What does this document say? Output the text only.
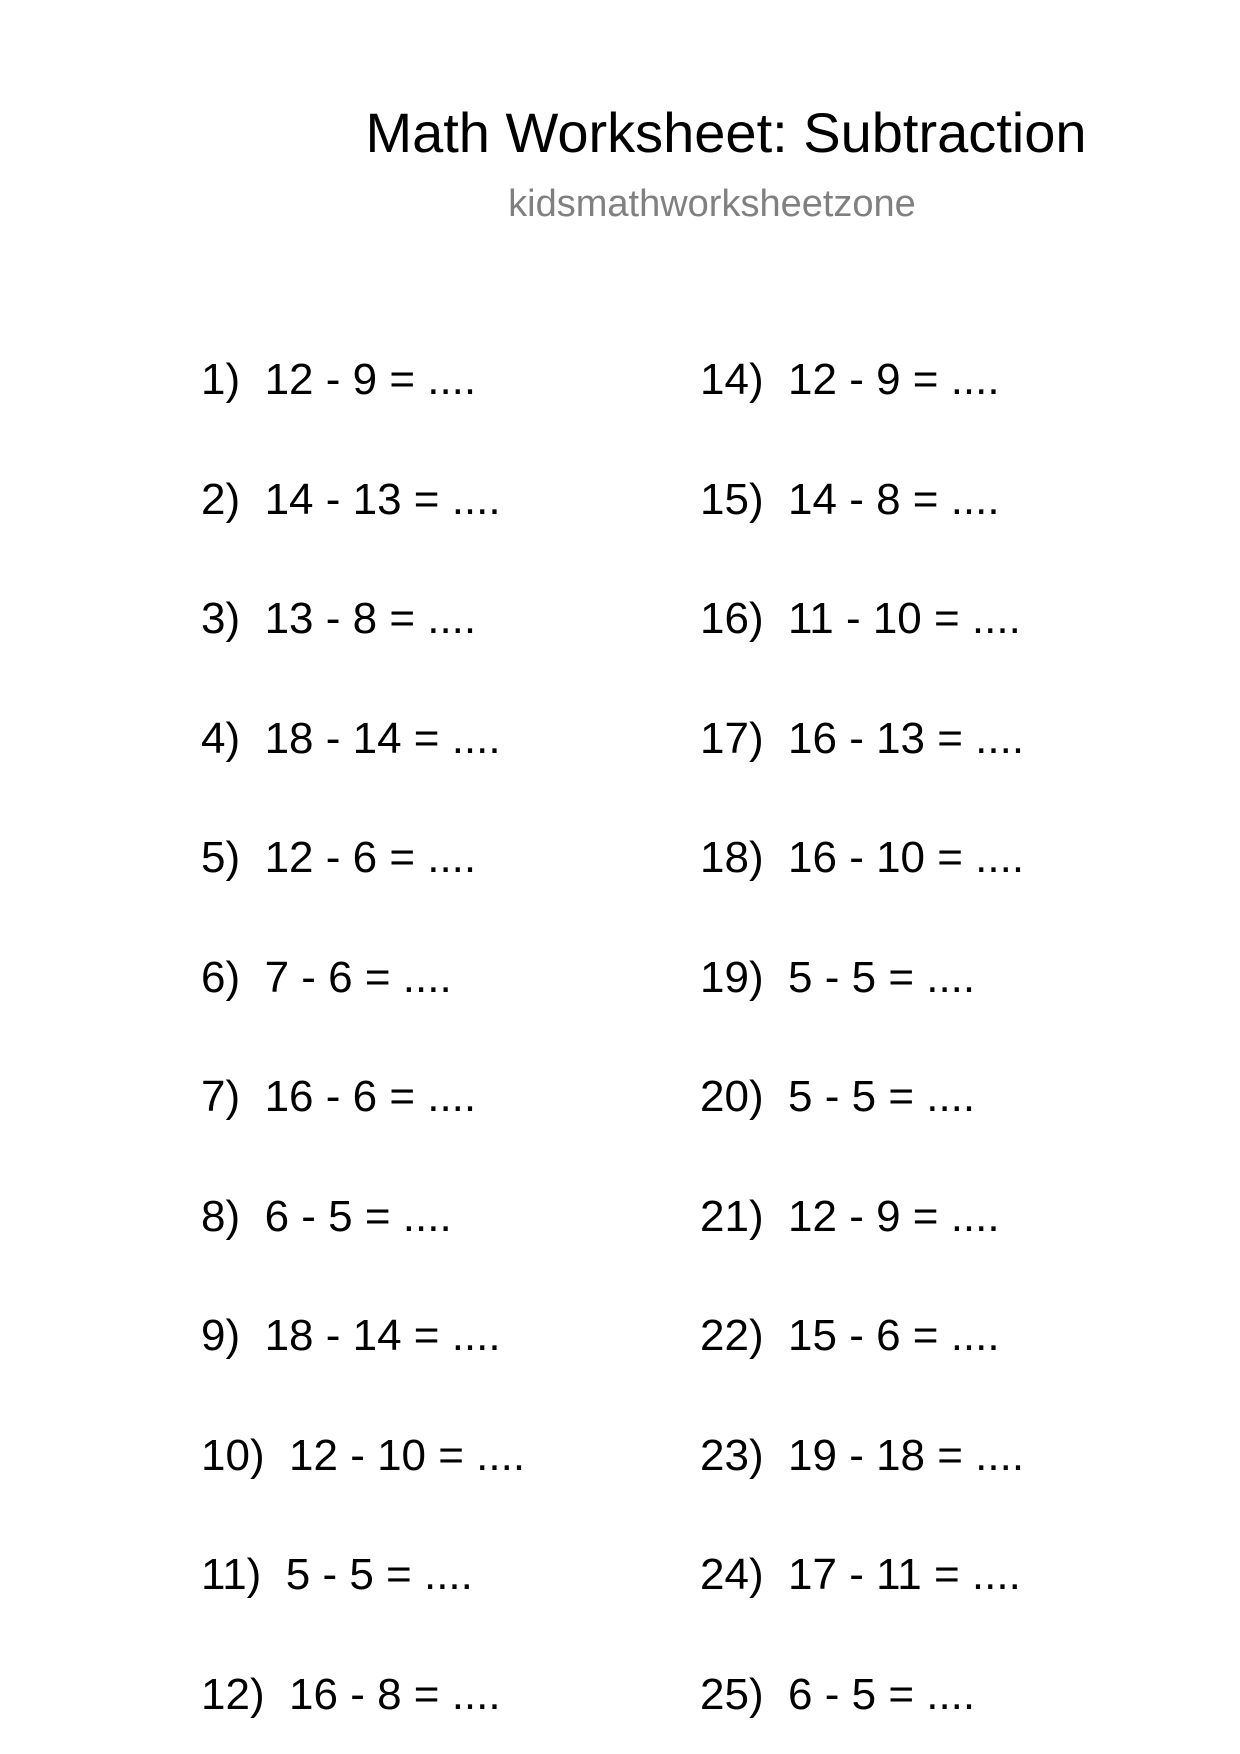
Math Worksheet: Subtraction
kidsmathworksheetzone
1) 12 - 9 = ....
2) 14 - 13 = ....
3) 13 - 8 = ....
4) 18 - 14 = ....
5) 12 - 6 = ....
6) 7 - 6 = ....
7) 16 - 6 = ....
8) 6 - 5 = ....
9) 18 - 14 = ....
10) 12 - 10 = ....
11) 5 - 5 = ....
12) 16 - 8 = ....
14) 12 - 9 = ....
15) 14 - 8 = ....
16) 11 - 10 = ....
17) 16 - 13 = ....
18) 16 - 10 = ....
19) 5 - 5 = ....
20) 5 - 5 = ....
21) 12 - 9 = ....
22) 15 - 6 = ....
23) 19 - 18 = ....
24) 17 - 11 = ....
25) 6 - 5 = ....
